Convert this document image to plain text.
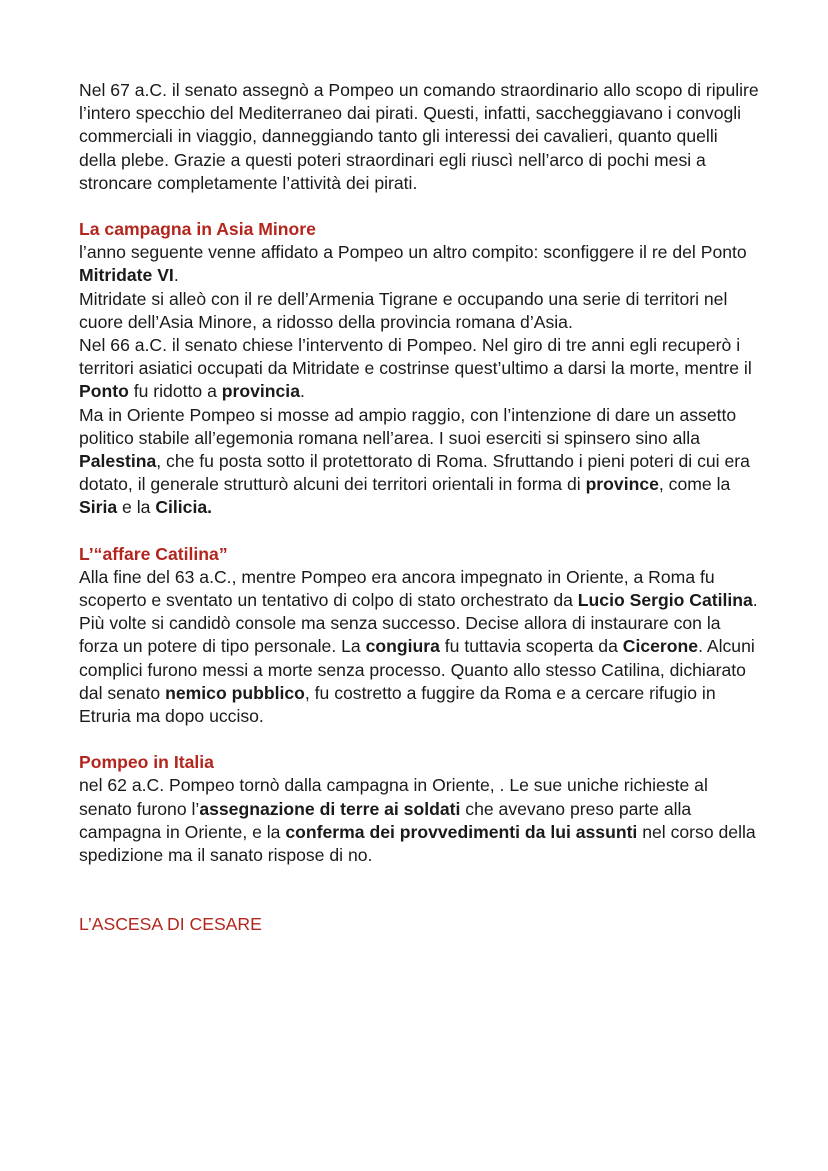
Nel 67 a.C. il senato assegnò a Pompeo un comando straordinario allo scopo di ripulire l’intero specchio del Mediterraneo dai pirati. Questi, infatti, saccheggiavano i convogli commerciali in viaggio, danneggiando tanto gli interessi dei cavalieri, quanto quelli della plebe. Grazie a questi poteri straordinari egli riuscì nell’arco di pochi mesi a stroncare completamente l’attività dei pirati.

La campagna in Asia Minore

l’anno seguente venne affidato a Pompeo un altro compito: sconfiggere il re del Ponto Mitridate VI.

Mitridate si alleò con il re dell’Armenia Tigrane e occupando una serie di territori nel cuore dell’Asia Minore, a ridosso della provincia romana d’Asia.

Nel 66 a.C. il senato chiese l’intervento di Pompeo. Nel giro di tre anni egli recuperò i territori asiatici occupati da Mitridate e costrinse quest’ultimo a darsi la morte, mentre il Ponto fu ridotto a provincia.

Ma in Oriente Pompeo si mosse ad ampio raggio, con l’intenzione di dare un assetto politico stabile all’egemonia romana nell’area. I suoi eserciti si spinsero sino alla Palestina, che fu posta sotto il protettorato di Roma. Sfruttando i pieni poteri di cui era dotato, il generale strutturò alcuni dei territori orientali in forma di province, come la Siria e la Cilicia.

L’“affare Catilina”

Alla fine del 63 a.C., mentre Pompeo era ancora impegnato in Oriente, a Roma fu scoperto e sventato un tentativo di colpo di stato orchestrato da Lucio Sergio Catilina.

Più volte si candidò console ma senza successo. Decise allora di instaurare con la forza un potere di tipo personale. La congiura fu tuttavia scoperta da Cicerone. Alcuni complici furono messi a morte senza processo. Quanto allo stesso Catilina, dichiarato dal senato nemico pubblico, fu costretto a fuggire da Roma e a cercare rifugio in Etruria ma dopo ucciso.

Pompeo in Italia

nel 62 a.C. Pompeo tornò dalla campagna in Oriente, . Le sue uniche richieste al senato furono l’assegnazione di terre ai soldati che avevano preso parte alla campagna in Oriente, e la conferma dei provvedimenti da lui assunti nel corso della spedizione ma il sanato rispose di no.

L’ASCESA DI CESARE
